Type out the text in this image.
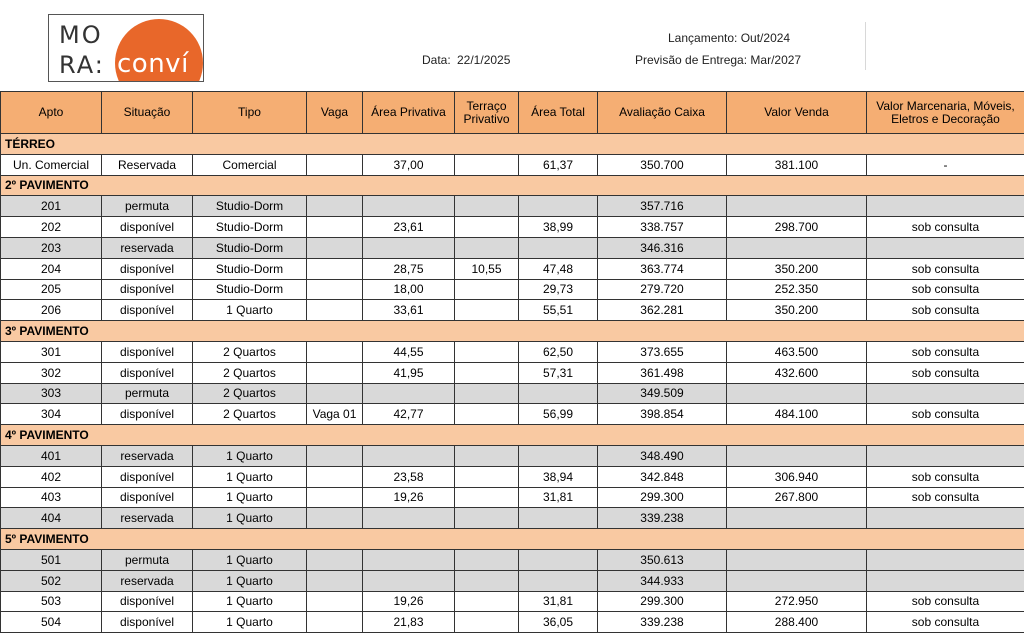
MO
RA: conví	Data: 22/1/2025
Lançamento: Out/2024
Previsão de Entrega: Mar/2027
Apto	Situação	Tipo	Vaga	Área Privativa	Terraço Privativo	Área Total	Avaliação Caixa	Valor Venda	Valor Marcenaria, Móveis, Eletros e Decoração
TÉRREO									
Un. Comercial	Reservada	Comercial		37,00		61,37	350.700	381.100	-
2º PAVIMENTO									
201	permuta	Studio-Dorm					357.716		
202	disponível	Studio-Dorm		23,61		38,99	338.757	298.700	sob consulta
203	reservada	Studio-Dorm					346.316		
204	disponível	Studio-Dorm		28,75	10,55	47,48	363.774	350.200	sob consulta
205	disponível	Studio-Dorm		18,00		29,73	279.720	252.350	sob consulta
206	disponível	1 Quarto		33,61		55,51	362.281	350.200	sob consulta
3º PAVIMENTO									
301	disponível	2 Quartos		44,55		62,50	373.655	463.500	sob consulta
302	disponível	2 Quartos		41,95		57,31	361.498	432.600	sob consulta
303	permuta	2 Quartos					349.509		
304	disponível	2 Quartos	Vaga 01	42,77		56,99	398.854	484.100	sob consulta
4º PAVIMENTO									
401	reservada	1 Quarto					348.490		
402	disponível	1 Quarto		23,58		38,94	342.848	306.940	sob consulta
403	disponível	1 Quarto		19,26		31,81	299.300	267.800	sob consulta
404	reservada	1 Quarto					339.238		
5º PAVIMENTO									
501	permuta	1 Quarto					350.613		
502	reservada	1 Quarto					344.933		
503	disponível	1 Quarto		19,26		31,81	299.300	272.950	sob consulta
504	disponível	1 Quarto		21,83		36,05	339.238	288.400	sob consulta
